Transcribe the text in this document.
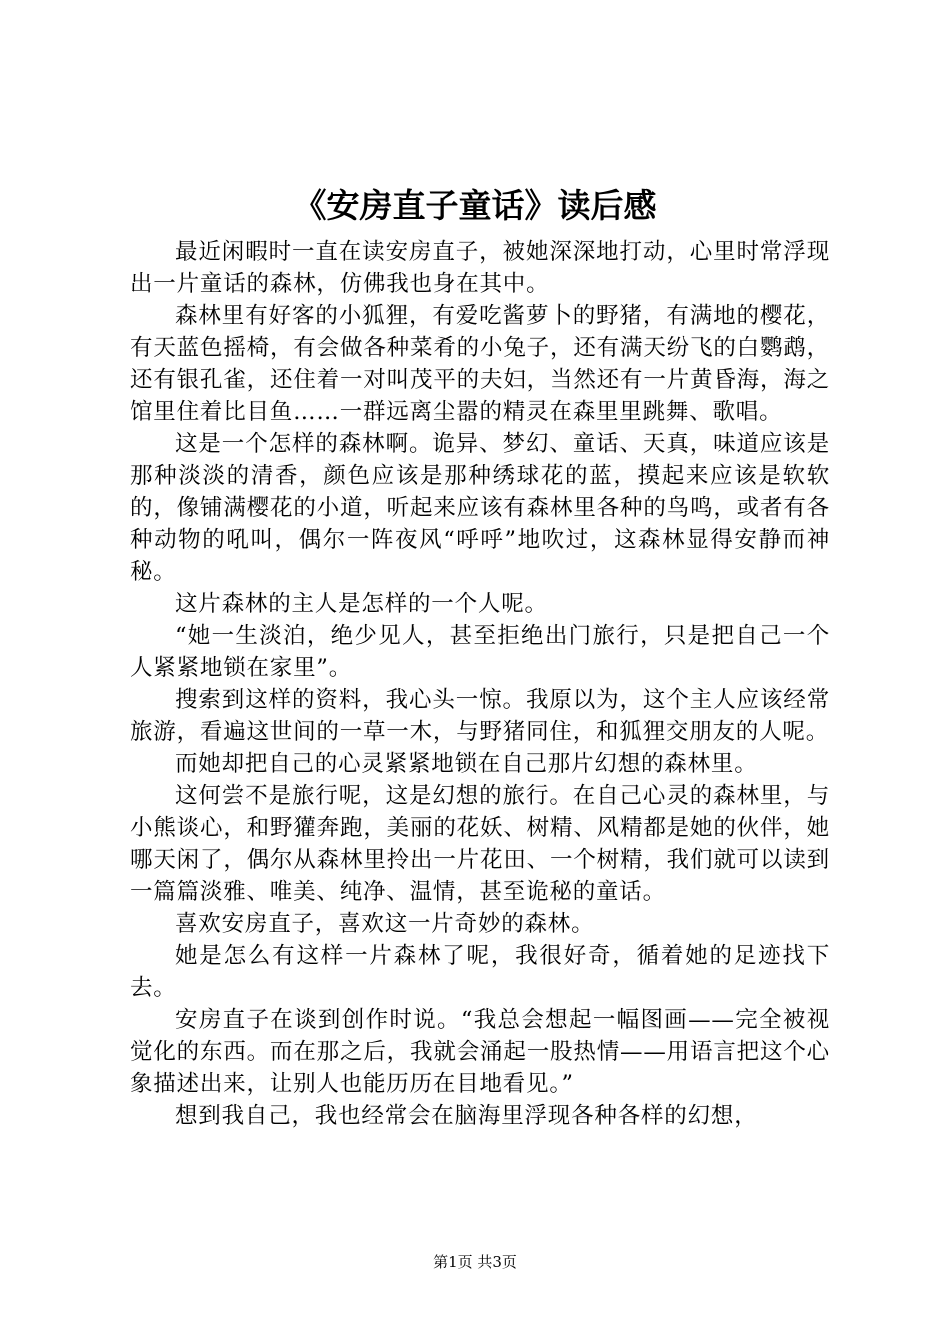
《安房直子童话》读后感

最近闲暇时一直在读安房直子，被她深深地打动，心里时常浮现出一片童话的森林，仿佛我也身在其中。

森林里有好客的小狐狸，有爱吃酱萝卜的野猪，有满地的樱花，有天蓝色摇椅，有会做各种菜肴的小兔子，还有满天纷飞的白鹦鹉，还有银孔雀，还住着一对叫茂平的夫妇，当然还有一片黄昏海，海之馆里住着比目鱼……一群远离尘嚣的精灵在森里里跳舞、歌唱。

这是一个怎样的森林啊。诡异、梦幻、童话、天真，味道应该是那种淡淡的清香，颜色应该是那种绣球花的蓝，摸起来应该是软软的，像铺满樱花的小道，听起来应该有森林里各种的鸟鸣，或者有各种动物的吼叫，偶尔一阵夜风“呼呼”地吹过，这森林显得安静而神秘。

这片森林的主人是怎样的一个人呢。

“她一生淡泊，绝少见人，甚至拒绝出门旅行，只是把自己一个人紧紧地锁在家里”。

搜索到这样的资料，我心头一惊。我原以为，这个主人应该经常旅游，看遍这世间的一草一木，与野猪同住，和狐狸交朋友的人呢。

而她却把自己的心灵紧紧地锁在自己那片幻想的森林里。

这何尝不是旅行呢，这是幻想的旅行。在自己心灵的森林里，与小熊谈心，和野獾奔跑，美丽的花妖、树精、风精都是她的伙伴，她哪天闲了，偶尔从森林里拎出一片花田、一个树精，我们就可以读到一篇篇淡雅、唯美、纯净、温情，甚至诡秘的童话。

喜欢安房直子，喜欢这一片奇妙的森林。

她是怎么有这样一片森林了呢，我很好奇，循着她的足迹找下去。

安房直子在谈到创作时说。“我总会想起一幅图画——完全被视觉化的东西。而在那之后，我就会涌起一股热情——用语言把这个心象描述出来，让别人也能历历在目地看见。”

想到我自己，我也经常会在脑海里浮现各种各样的幻想，

第1页 共3页
